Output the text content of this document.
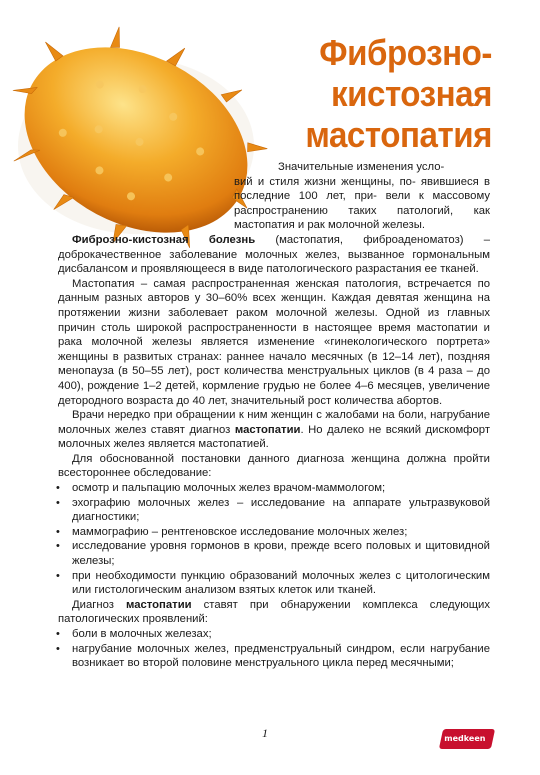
Фиброзно-
кистозная
мастопатия

Значительные изменения усло-

вий и стиля жизни женщины, по- явившиеся в последние 100 лет, при- вели к массовому распространению таких патологий, как мастопатия и рак молочной железы.

Фиброзно-кистозная болезнь (мастопатия, фиброаденоматоз) – доброкачественное заболевание молочных желез, вызванное гормональным дисбалансом и проявляющееся в виде патологического разрастания ее тканей.

Мастопатия – самая распространенная женская патология, встречается по данным разных авторов у 30–60% всех женщин. Каждая девятая женщина на протяжении жизни заболевает раком молочной железы. Одной из главных причин столь широкой распространенности в настоящее время мастопатии и рака молочной железы является изменение «гинекологического портрета» женщины в развитых странах: раннее начало месячных (в 12–14 лет), поздняя менопауза (в 50–55 лет), рост количества менструальных циклов (в 4 раза – до 400), рождение 1–2 детей, кормление грудью не более 4–6 месяцев, увеличение детородного возраста до 40 лет, значительный рост количества абортов.

Врачи нередко при обращении к ним женщин с жалобами на боли, нагрубание молочных желез ставят диагноз мастопатии. Но далеко не всякий дискомфорт молочных желез является мастопатией.

Для обоснованной постановки данного диагноза женщина должна пройти всестороннее обследование:

• осмотр и пальпацию молочных желез врачом-маммологом;
• эхографию молочных желез – исследование на аппарате ультразвуковой диагностики;
• маммографию – рентгеновское исследование молочных желез;
• исследование уровня гормонов в крови, прежде всего половых и щитовидной железы;
• при необходимости пункцию образований молочных желез с цитологическим или гистологическим анализом взятых клеток или тканей.

Диагноз мастопатии ставят при обнаружении комплекса следующих патологических проявлений:

• боли в молочных железах;
• нагрубание молочных желез, предменструальный синдром, если нагрубание возникает во второй половине менструального цикла перед месячными;
1	medkeen .info
